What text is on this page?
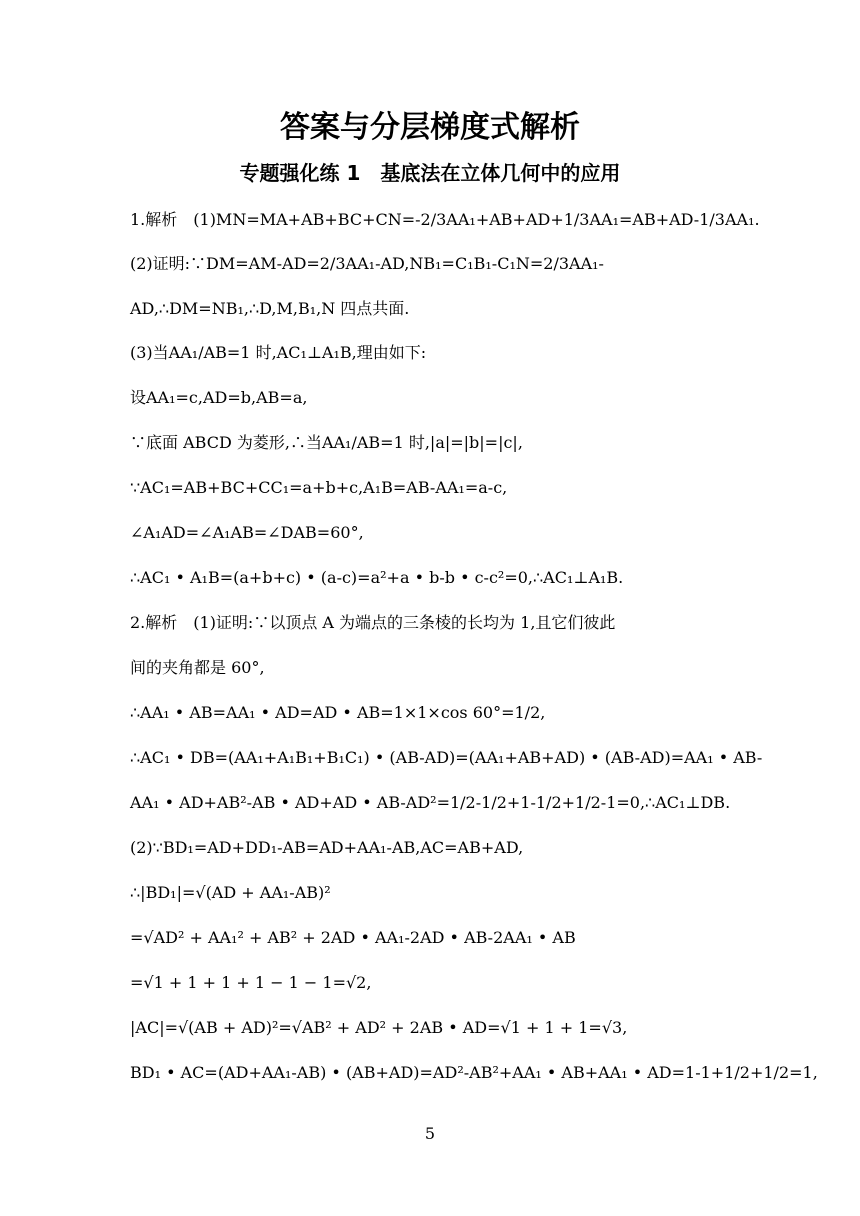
答案与分层梯度式解析
专题强化练 1　基底法在立体几何中的应用
1.解析　(1)MN=MA+AB+BC+CN=-2/3AA₁+AB+AD+1/3AA₁=AB+AD-1/3AA₁.
(2)证明:∵DM=AM-AD=2/3AA₁-AD,NB₁=C₁B₁-C₁N=2/3AA₁-
AD,∴DM=NB₁,∴D,M,B₁,N 四点共面.
(3)当AA₁/AB=1 时,AC₁⊥A₁B,理由如下:
设AA₁=c,AD=b,AB=a,
∵底面 ABCD 为菱形,∴当AA₁/AB=1 时,|a|=|b|=|c|,
∵AC₁=AB+BC+CC₁=a+b+c,A₁B=AB-AA₁=a-c,
∠A₁AD=∠A₁AB=∠DAB=60°,
∴AC₁ • A₁B=(a+b+c) • (a-c)=a²+a • b-b • c-c²=0,∴AC₁⊥A₁B.
2.解析　(1)证明:∵以顶点 A 为端点的三条棱的长均为 1,且它们彼此
间的夹角都是 60°,
∴AA₁ • AB=AA₁ • AD=AD • AB=1×1×cos 60°=1/2,
∴AC₁ • DB=(AA₁+A₁B₁+B₁C₁) • (AB-AD)=(AA₁+AB+AD) • (AB-AD)=AA₁ • AB-
AA₁ • AD+AB²-AB • AD+AD • AB-AD²=1/2-1/2+1-1/2+1/2-1=0,∴AC₁⊥DB.
(2)∵BD₁=AD+DD₁-AB=AD+AA₁-AB,AC=AB+AD,
∴|BD₁|=√(AD + AA₁-AB)²
=√AD² + AA₁² + AB² + 2AD • AA₁-2AD • AB-2AA₁ • AB
=√1 + 1 + 1 + 1 − 1 − 1=√2,
|AC|=√(AB + AD)²=√AB² + AD² + 2AB • AD=√1 + 1 + 1=√3,
BD₁ • AC=(AD+AA₁-AB) • (AB+AD)=AD²-AB²+AA₁ • AB+AA₁ • AD=1-1+1/2+1/2=1,
5
